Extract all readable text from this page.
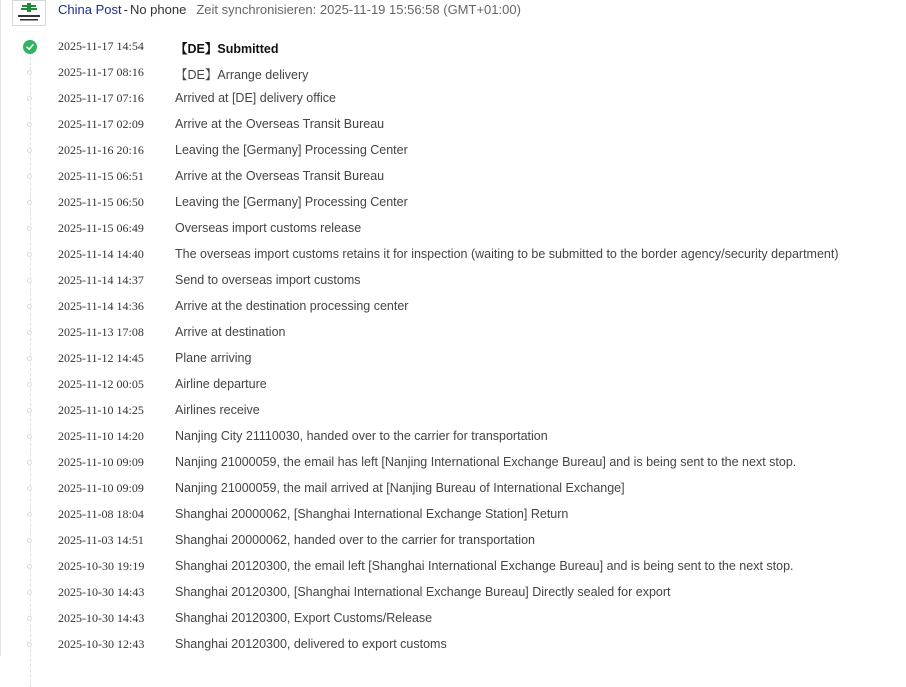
China Post - No phone Zeit synchronisieren: 2025-11-19 15:56:58 (GMT+01:00)
2025-11-17 14:54 【DE】Submitted
2025-11-17 08:16 【DE】Arrange delivery
2025-11-17 07:16 Arrived at [DE] delivery office
2025-11-17 02:09 Arrive at the Overseas Transit Bureau
2025-11-16 20:16 Leaving the [Germany] Processing Center
2025-11-15 06:51 Arrive at the Overseas Transit Bureau
2025-11-15 06:50 Leaving the [Germany] Processing Center
2025-11-15 06:49 Overseas import customs release
2025-11-14 14:40 The overseas import customs retains it for inspection (waiting to be submitted to the border agency/security department)
2025-11-14 14:37 Send to overseas import customs
2025-11-14 14:36 Arrive at the destination processing center
2025-11-13 17:08 Arrive at destination
2025-11-12 14:45 Plane arriving
2025-11-12 00:05 Airline departure
2025-11-10 14:25 Airlines receive
2025-11-10 14:20 Nanjing City 21110030, handed over to the carrier for transportation
2025-11-10 09:09 Nanjing 21000059, the email has left [Nanjing International Exchange Bureau] and is being sent to the next stop.
2025-11-10 09:09 Nanjing 21000059, the mail arrived at [Nanjing Bureau of International Exchange]
2025-11-08 18:04 Shanghai 20000062, [Shanghai International Exchange Station] Return
2025-11-03 14:51 Shanghai 20000062, handed over to the carrier for transportation
2025-10-30 19:19 Shanghai 20120300, the email left [Shanghai International Exchange Bureau] and is being sent to the next stop.
2025-10-30 14:43 Shanghai 20120300, [Shanghai International Exchange Bureau] Directly sealed for export
2025-10-30 14:43 Shanghai 20120300, Export Customs/Release
2025-10-30 12:43 Shanghai 20120300, delivered to export customs
